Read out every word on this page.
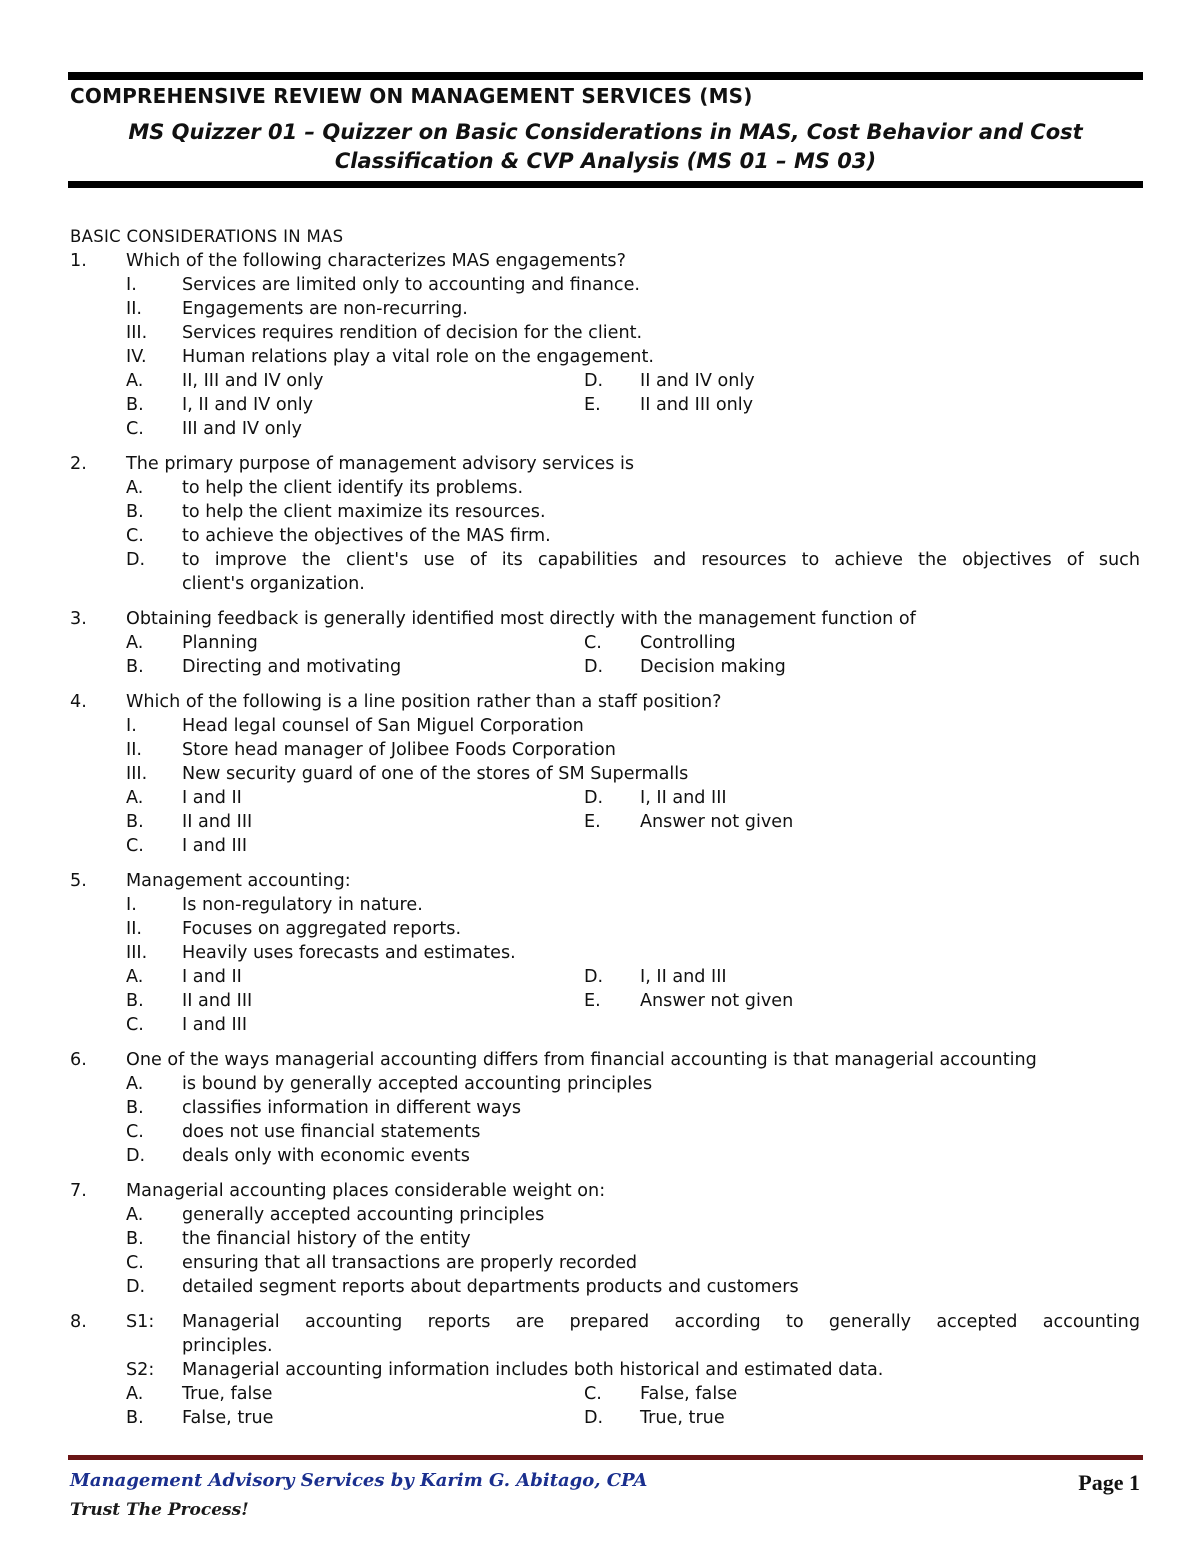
COMPREHENSIVE REVIEW ON MANAGEMENT SERVICES (MS)
MS Quizzer 01 – Quizzer on Basic Considerations in MAS, Cost Behavior and Cost
Classification & CVP Analysis (MS 01 – MS 03)
BASIC CONSIDERATIONS IN MAS
1. Which of the following characterizes MAS engagements?
I.	Services are limited only to accounting and finance.
II. Engagements are non-recurring.
III. Services requires rendition of decision for the client.
IV. Human relations play a vital role on the engagement.
A. II, III and IV only	D. II and IV only
B. I, II and IV only	E. II and III only
C. III and IV only
2. The primary purpose of management advisory services is
A. to help the client identify its problems.
B. to help the client maximize its resources.
C. to achieve the objectives of the MAS firm.
D. to improve the client's use of its capabilities and resources to achieve the objectives of such
client's organization.
3. Obtaining feedback is generally identified most directly with the management function of
A. Planning	C. Controlling
B. Directing and motivating	D. Decision making
4. Which of the following is a line position rather than a staff position?
I.	Head legal counsel of San Miguel Corporation
II. Store head manager of Jolibee Foods Corporation
III. New security guard of one of the stores of SM Supermalls
A. I and II	D. I, II and III
B. II and III	E. Answer not given
C. I and III
5. Management accounting:
I.	Is non-regulatory in nature.
II. Focuses on aggregated reports.
III. Heavily uses forecasts and estimates.
A. I and II	D. I, II and III
B. II and III	E. Answer not given
C. I and III
6. One of the ways managerial accounting differs from financial accounting is that managerial accounting
A. is bound by generally accepted accounting principles
B. classifies information in different ways
C. does not use financial statements
D. deals only with economic events
7. Managerial accounting places considerable weight on:
A. generally accepted accounting principles
B. the financial history of the entity
C. ensuring that all transactions are properly recorded
D. detailed segment reports about departments products and customers
8. S1: Managerial accounting reports are prepared according to generally accepted accounting
principles.
S2: Managerial accounting information includes both historical and estimated data.
A. True, false	C. False, false
B. False, true	D. True, true
Management Advisory Services by Karim G. Abitago, CPA
Trust The Process!
Page 1
